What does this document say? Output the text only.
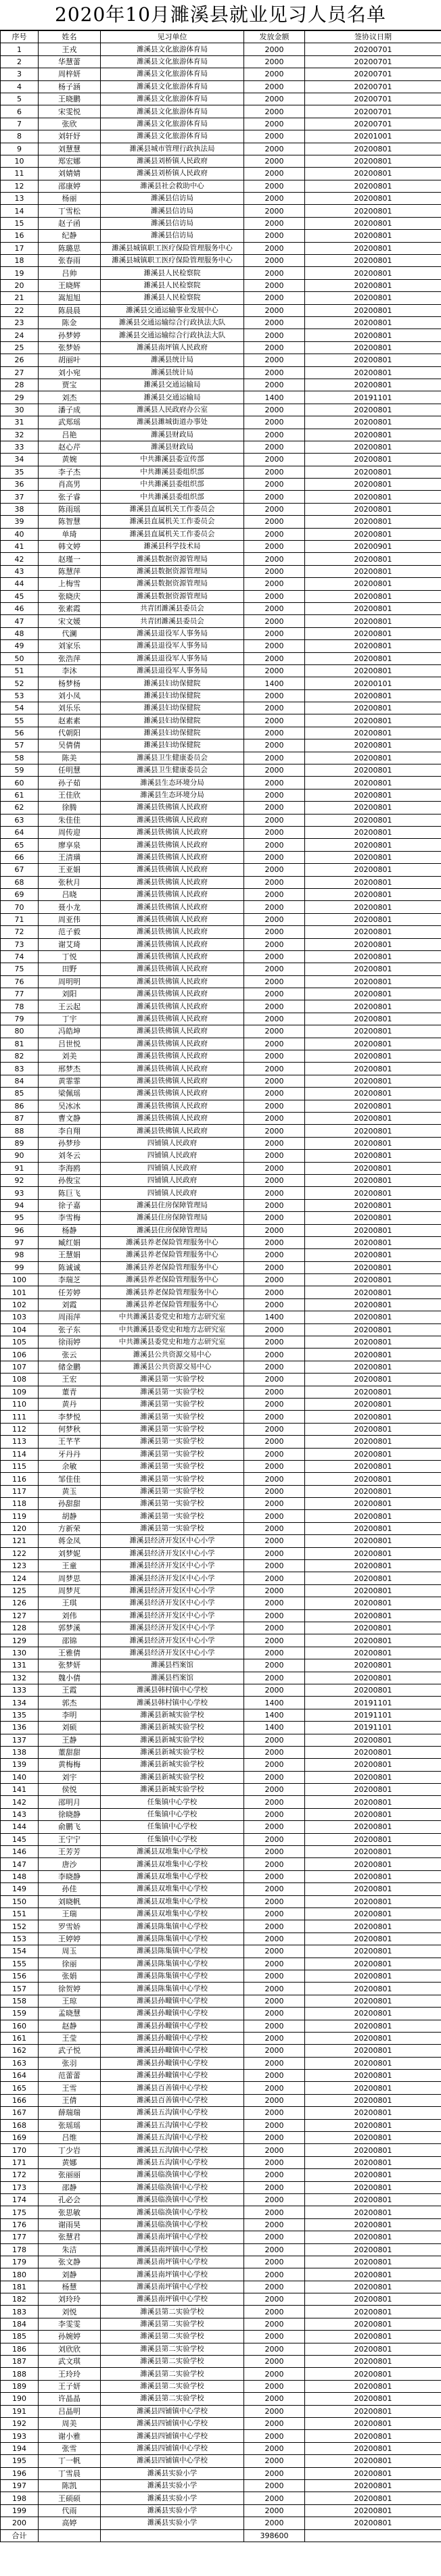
2020年10月濉溪县就业见习人员名单
序号	姓名	见习单位	发放金额	签协议日期
1	王戎	濉溪县文化旅游体育局	2000	20200701
2	华慧蕾	濉溪县文化旅游体育局	2000	20200701
3	周梓妍	濉溪县文化旅游体育局	2000	20200701
4	杨子涵	濉溪县文化旅游体育局	2000	20200701
5	王晓鹏	濉溪县文化旅游体育局	2000	20200701
6	宋雯悦	濉溪县文化旅游体育局	2000	20200701
7	张欣	濉溪县文化旅游体育局	2000	20200701
8	刘轩妤	濉溪县文化旅游体育局	2000	20201001
9	刘慧慧	濉溪县城市管理行政执法局	2000	20200801
10	郑宏娜	濉溪县刘桥镇人民政府	2000	20200801
11	刘婧婧	濉溪县刘桥镇人民政府	2000	20200801
12	邵康婷	濉溪县社会救助中心	2000	20200801
13	杨丽	濉溪县信访局	2000	20200801
14	丁雪松	濉溪县信访局	2000	20200801
15	赵子函	濉溪县信访局	2000	20200801
16	纪静	濉溪县信访局	2000	20200801
17	陈璐思	濉溪县城镇职工医疗保险管理服务中心	2000	20200801
18	张春雨	濉溪县城镇职工医疗保险管理服务中心	2000	20200801
19	吕帅	濉溪县人民检察院	2000	20200801
20	王晓辉	濉溪县人民检察院	2000	20200801
21	嵩旭旭	濉溪县人民检察院	2000	20200801
22	陈晨晨	濉溪县交通运输事业发展中心	2000	20200801
23	陈金	濉溪县交通运输综合行政执法大队	2000	20200801
24	孙梦婷	濉溪县交通运输综合行政执法大队	2000	20200801
25	张梦娇	濉溪县南坪镇人民政府	2000	20200801
26	胡丽叶	濉溪县统计局	2000	20200801
27	刘小宛	濉溪县统计局	2000	20200801
28	贾宝	濉溪县交通运输局	2000	20200801
29	刘杰	濉溪县交通运输局	1400	20191101
30	潘子成	濉溪县人民政府办公室	2000	20200801
31	武郑瑶	濉溪县濉城街道办事处	2000	20200801
32	吕艳	濉溪县财政局	2000	20200801
33	赵心芹	濉溪县财政局	2000	20200801
34	黄婉	中共濉溪县委宣传部	2000	20200801
35	李子杰	中共濉溪县委组织部	2000	20200801
36	肖高男	中共濉溪县委组织部	2000	20200801
37	张子睿	中共濉溪县委组织部	2000	20200801
38	陈雨瑶	濉溪县直属机关工作委员会	2000	20200801
39	陈智慧	濉溪县直属机关工作委员会	2000	20200801
40	单琦	濉溪县直属机关工作委员会	2000	20200801
41	韩文婷	濉溪县科学技术局	2000	20200901
42	赵瑾一	濉溪县数据资源管理局	2000	20200801
43	陈慧萍	濉溪县数据资源管理局	2000	20200801
44	上梅雪	濉溪县数据资源管理局	2000	20200801
45	张晓庆	濉溪县数据资源管理局	2000	20200801
46	张素霞	共青团濉溪县委员会	2000	20200801
47	宋文媛	共青团濉溪县委员会	2000	20200801
48	代澜	濉溪县退役军人事务局	2000	20200801
49	刘家乐	濉溪县退役军人事务局	2000	20200801
50	张浩萍	濉溪县退役军人事务局	2000	20200801
51	李沐	濉溪县退役军人事务局	2000	20200801
52	杨梦杨	濉溪县妇幼保健院	1400	20200101
53	刘小凤	濉溪县妇幼保健院	2000	20200801
54	刘乐乐	濉溪县妇幼保健院	2000	20200801
55	赵素素	濉溪县妇幼保健院	2000	20200801
56	代朝阳	濉溪县妇幼保健院	2000	20200801
57	吴倩倩	濉溪县妇幼保健院	2000	20200801
58	陈美	濉溪县卫生健康委员会	2000	20200801
59	任明慧	濉溪县卫生健康委员会	2000	20200801
60	孙子茹	濉溪县生态环境分局	2000	20200801
61	王佳欣	濉溪县生态环境分局	2000	20200801
62	徐腾	濉溪县铁佛镇人民政府	2000	20200801
63	朱佳佳	濉溪县铁佛镇人民政府	2000	20200801
64	周传迎	濉溪县铁佛镇人民政府	2000	20200801
65	廖享泉	濉溪县铁佛镇人民政府	2000	20200801
66	王清璜	濉溪县铁佛镇人民政府	2000	20200801
67	王亚娟	濉溪县铁佛镇人民政府	2000	20200801
68	张秋月	濉溪县铁佛镇人民政府	2000	20200801
69	吕晓	濉溪县铁佛镇人民政府	2000	20200801
70	聂小龙	濉溪县铁佛镇人民政府	2000	20200801
71	周亚伟	濉溪县铁佛镇人民政府	2000	20200801
72	范子毅	濉溪县铁佛镇人民政府	2000	20200801
73	谢艾琦	濉溪县铁佛镇人民政府	2000	20200801
74	丁悦	濉溪县铁佛镇人民政府	2000	20200801
75	田野	濉溪县铁佛镇人民政府	2000	20200801
76	周明明	濉溪县铁佛镇人民政府	2000	20200801
77	刘阳	濉溪县铁佛镇人民政府	2000	20200801
78	王云起	濉溪县铁佛镇人民政府	2000	20200801
79	丁宇	濉溪县铁佛镇人民政府	2000	20200801
80	冯皓坤	濉溪县铁佛镇人民政府	2000	20200801
81	吕世悦	濉溪县铁佛镇人民政府	2000	20200801
82	刘美	濉溪县铁佛镇人民政府	2000	20200801
83	邢梦杰	濉溪县铁佛镇人民政府	2000	20200801
84	黄霏霏	濉溪县铁佛镇人民政府	2000	20200801
85	梁佩瑶	濉溪县铁佛镇人民政府	2000	20200801
86	吴冰冰	濉溪县铁佛镇人民政府	2000	20200801
87	曹文静	濉溪县铁佛镇人民政府	2000	20200801
88	李自翔	濉溪县铁佛镇人民政府	2000	20200801
89	孙梦珍	四铺镇人民政府	2000	20200801
90	刘冬云	四铺镇人民政府	2000	20200801
91	李海鸥	四铺镇人民政府	2000	20200801
92	孙俊宝	四铺镇人民政府	2000	20200801
93	陈巨飞	四铺镇人民政府	2000	20200801
94	徐子嘉	濉溪县住房保障管理局	2000	20200801
95	李雪梅	濉溪县住房保障管理局	2000	20200801
96	杨静	濉溪县住房保障管理局	2000	20200801
97	臧红娟	濉溪县养老保险管理服务中心	2000	20200801
98	王慧娟	濉溪县养老保险管理服务中心	2000	20200801
99	陈诚诚	濉溪县养老保险管理服务中心	2000	20200801
100	李瑞芝	濉溪县养老保险管理服务中心	2000	20200801
101	任芳婷	濉溪县养老保险管理服务中心	2000	20200801
102	刘霞	濉溪县养老保险管理服务中心	2000	20200801
103	周雨萍	中共濉溪县委党史和地方志研究室	1400	20200801
104	张子东	中共濉溪县委党史和地方志研究室	2000	20200801
105	徐雨婷	中共濉溪县委党史和地方志研究室	2000	20200801
106	张云	濉溪县公共资源交易中心	2000	20200801
107	储金鹏	濉溪县公共资源交易中心	2000	20200801
108	王宏	濉溪县第一实验学校	2000	20200801
109	董青	濉溪县第一实验学校	2000	20200801
110	黄丹	濉溪县第一实验学校	2000	20200801
111	李梦悦	濉溪县第一实验学校	2000	20200801
112	何梦秋	濉溪县第一实验学校	2000	20200801
113	王芊芊	濉溪县第一实验学校	2000	20200801
114	牙丹丹	濉溪县第一实验学校	2000	20200801
115	余敏	濉溪县第一实验学校	2000	20200801
116	邹佳佳	濉溪县第一实验学校	2000	20200801
117	黄玉	濉溪县第一实验学校	2000	20200801
118	孙甜甜	濉溪县第一实验学校	2000	20200801
119	胡静	濉溪县第一实验学校	2000	20200801
120	方新荣	濉溪县第一实验学校	2000	20200801
121	蒋金凤	濉溪县经济开发区中心小学	2000	20200801
122	刘梦妮	濉溪县经济开发区中心小学	2000	20200801
123	王童	濉溪县经济开发区中心小学	2000	20200801
124	周梦思	濉溪县经济开发区中心小学	2000	20200801
125	周梦芃	濉溪县经济开发区中心小学	2000	20200801
126	王琪	濉溪县经济开发区中心小学	2000	20200801
127	刘伟	濉溪县经济开发区中心小学	2000	20200801
128	郭梦溪	濉溪县经济开发区中心小学	2000	20200801
129	邵锦	濉溪县经济开发区中心小学	2000	20200801
130	王雅倩	濉溪县经济开发区中心小学	2000	20200801
131	张梦妍	濉溪县档案馆	2000	20200801
132	魏小倩	濉溪县档案馆	2000	20200801
133	王霞	濉溪县韩村镇中心学校	2000	20200801
134	郭杰	濉溪县韩村镇中心学校	1400	20191101
135	李明	濉溪县新城实验学校	1400	20191101
136	刘硕	濉溪县新城实验学校	1400	20191101
137	王静	濉溪县新城实验学校	2000	20200801
138	董甜甜	濉溪县新城实验学校	2000	20200801
139	黄梅梅	濉溪县新城实验学校	2000	20200801
140	刘宇	濉溪县新城实验学校	2000	20200801
141	侯悦	濉溪县新城实验学校	2000	20200801
142	邵明月	任集镇中心学校	2000	20200801
143	徐晓静	任集镇中心学校	2000	20200801
144	俞鹏飞	任集镇中心学校	2000	20200801
145	王宁宁	任集镇中心学校	2000	20200801
146	王芳芳	濉溪县双堆集中心学校	2000	20200801
147	唐沙	濉溪县双堆集中心学校	2000	20200801
148	李晓静	濉溪县双堆集中心学校	2000	20200801
149	孙佳	濉溪县双堆集中心学校	2000	20200801
150	刘晓帆	濉溪县双堆集中心学校	2000	20200801
151	王瑞	濉溪县双堆集中心学校	2000	20200801
152	罗雪娇	濉溪县陈集镇中心学校	2000	20200801
153	王婷婷	濉溪县陈集镇中心学校	2000	20200801
154	周玉	濉溪县陈集镇中心学校	2000	20200801
155	徐丽	濉溪县陈集镇中心学校	2000	20200801
156	张娟	濉溪县陈集镇中心学校	2000	20200801
157	徐贺婷	濉溪县陈集镇中心学校	2000	20200801
158	王琼	濉溪县孙疃镇中心学校	2000	20200801
159	孟晓慧	濉溪县孙疃镇中心学校	2000	20200801
160	赵静	濉溪县孙疃镇中心学校	2000	20200801
161	王莹	濉溪县孙疃镇中心学校	2000	20200801
162	武子悦	濉溪县孙疃镇中心学校	2000	20200801
163	张羽	濉溪县孙疃镇中心学校	2000	20200801
164	范蕾蕾	濉溪县孙疃镇中心学校	2000	20200801
165	王雪	濉溪县百善镇中心学校	2000	20200801
166	王倩	濉溪县百善镇中心学校	2000	20200801
167	薛瑞瑞	濉溪县五沟镇中心学校	2000	20200801
168	张瑶瑶	濉溪县五沟镇中心学校	2000	20200801
169	吕维	濉溪县五沟镇中心学校	2000	20200801
170	丁少岩	濉溪县五沟镇中心学校	2000	20200801
171	黄娜	濉溪县五沟镇中心学校	2000	20200801
172	张丽丽	濉溪县临涣镇中心学校	2000	20200801
173	邵静	濉溪县临涣镇中心学校	2000	20200801
174	孔必会	濉溪县临涣镇中心学校	2000	20200801
175	张思敏	濉溪县临涣镇中心学校	2000	20200801
176	谢雨昊	濉溪县临涣镇中心学校	2000	20200801
177	张慧君	濉溪县南坪镇中心学校	2000	20200801
178	朱洁	濉溪县南坪镇中心学校	2000	20200801
179	张文静	濉溪县南坪镇中心学校	2000	20200801
180	刘静	濉溪县南坪镇中心学校	2000	20200801
181	杨慧	濉溪县南坪镇中心学校	2000	20200801
182	刘玲玲	濉溪县南坪镇中心学校	2000	20200801
183	刘悦	濉溪县第二实验学校	2000	20200801
184	李雯雯	濉溪县第二实验学校	2000	20200801
185	孙婉婷	濉溪县第二实验学校	2000	20200801
186	刘欣欣	濉溪县第二实验学校	2000	20200801
187	武文琪	濉溪县第二实验学校	2000	20200801
188	王玲玲	濉溪县第二实验学校	2000	20200801
189	王子妍	濉溪县第二实验学校	2000	20200801
190	许晶晶	濉溪县第二实验学校	2000	20200801
191	吕晶明	濉溪县四铺镇中心学校	2000	20200801
192	周美	濉溪县四铺镇中心学校	2000	20200801
193	谢小雅	濉溪县四铺镇中心学校	2000	20200801
194	张雪	濉溪县四铺镇中心学校	2000	20200801
195	丁一帆	濉溪县四铺镇中心学校	2000	20200801
196	丁雪晨	濉溪县实验小学	2000	20200801
197	陈凯	濉溪县实验小学	2000	20200801
198	王硕硕	濉溪县实验小学	2000	20200801
199	代雨	濉溪县实验小学	2000	20200801
200	高婷	濉溪县实验小学	2000	20200801
合计			398600	
